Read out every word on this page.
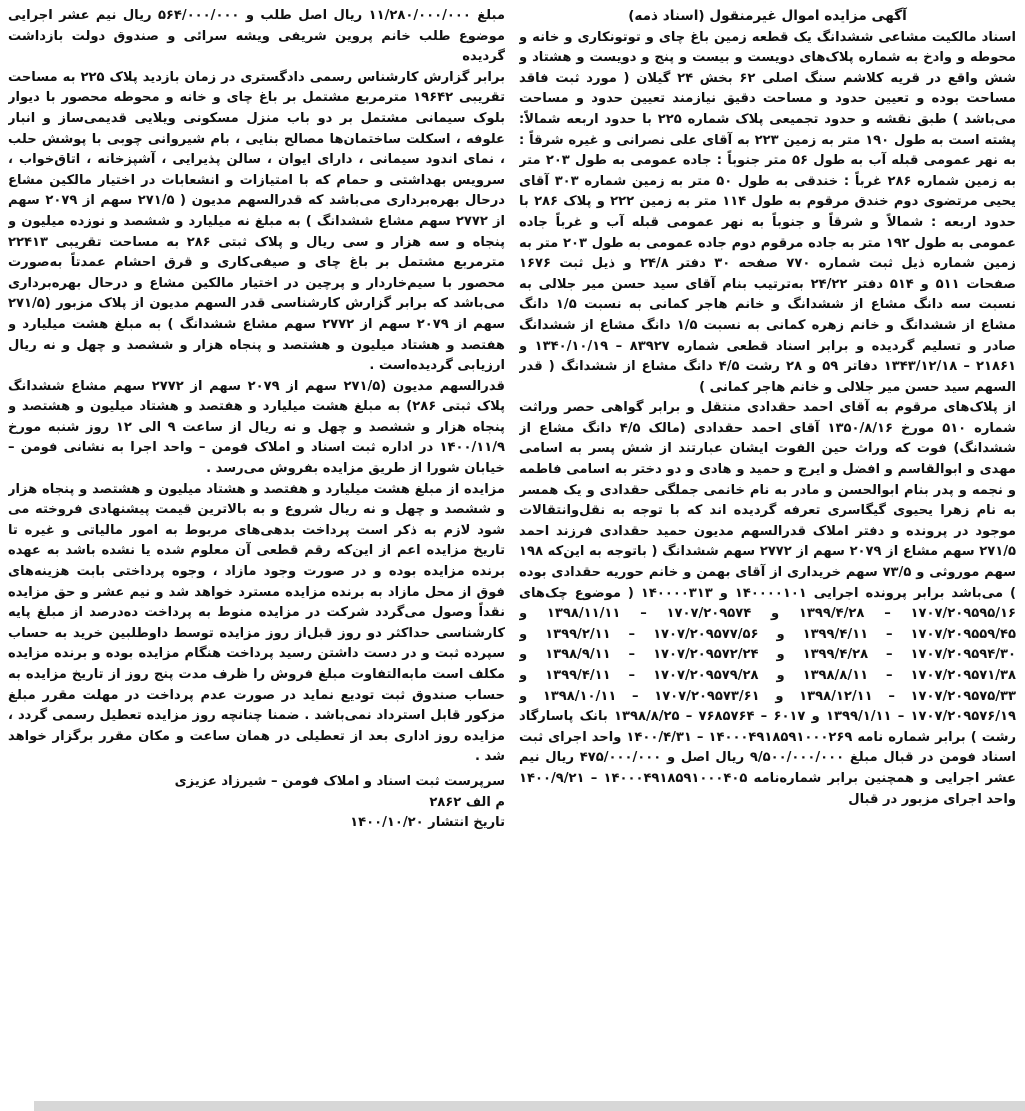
مبلغ ۱۱/۲۸۰/۰۰۰/۰۰۰ ریال اصل طلب و ۵۶۴/۰۰۰/۰۰۰ ریال نیم عشر اجرایی موضوع طلب خانم پروین شریفی ویشه سرائی و صندوق دولت بازداشت گردیده

برابر گزارش کارشناس رسمی دادگستری در زمان بازدید پلاک ۲۲۵ به مساحت تقریبی ۱۹۶۴۲ مترمربع مشتمل بر باغ چای و خانه و محوطه محصور با دیوار بلوک سیمانی مشتمل بر دو باب منزل مسکونی ویلایی قدیمی‌ساز و انبار علوفه ، اسکلت ساختمان‌ها مصالح بنایی ، بام شیروانی چوبی با پوشش حلب ، نمای اندود سیمانی ، دارای ایوان ، سالن پذیرایی ، آشپزخانه ، اتاق‌خواب ، سرویس بهداشتی و حمام که با امتیازات و انشعابات در اختیار مالکین مشاع درحال بهره‌برداری می‌باشد که قدرالسهم مدیون ( ۲۷۱/۵ سهم از ۲۰۷۹ سهم از ۲۷۷۲ سهم مشاع ششدانگ ) به مبلغ نه میلیارد و ششصد و نوزده میلیون و پنجاه و سه هزار و سی ریال و پلاک ثبتی ۲۸۶ به مساحت تقریبی ۲۲۴۱۳ مترمربع مشتمل بر باغ چای و صیفی‌کاری و قرق احشام عمدتاً به‌صورت محصور با سیم‌خاردار و پرچین در اختیار مالکین مشاع و درحال بهره‌برداری می‌باشد که برابر گزارش کارشناسی قدر السهم مدیون از پلاک مزبور (۲۷۱/۵ سهم از ۲۰۷۹ سهم از ۲۷۷۲ سهم مشاع ششدانگ ) به مبلغ هشت میلیارد و هفتصد و هشتاد میلیون و هشتصد و پنجاه هزار و ششصد و چهل و نه ریال ارزیابی گردیده‌است .

قدرالسهم مدیون (۲۷۱/۵ سهم از ۲۰۷۹ سهم از ۲۷۷۲ سهم مشاع ششدانگ پلاک ثبتی ۲۸۶) به مبلغ هشت میلیارد و هفتصد و هشتاد میلیون و هشتصد و پنجاه هزار و ششصد و چهل و نه ریال از ساعت ۹ الی ۱۲ روز شنبه مورخ ۱۴۰۰/۱۱/۹ در اداره ثبت اسناد و املاک فومن – واحد اجرا به نشانی فومن – خیابان شورا از طریق مزایده بفروش می‌رسد .

مزایده از مبلغ هشت میلیارد و هفتصد و هشتاد میلیون و هشتصد و پنجاه هزار و ششصد و چهل و نه ریال شروع و به بالاترین قیمت پیشنهادی فروخته می شود لازم به ذکر است پرداخت بدهی‌های مربوط به امور مالیاتی و غیره تا تاریخ مزایده اعم از این‌که رقم قطعی آن معلوم شده یا نشده باشد به عهده برنده مزایده بوده و در صورت وجود مازاد ، وجوه پرداختی بابت هزینه‌های فوق از محل مازاد به برنده مزایده مسترد خواهد شد و نیم عشر و حق مزایده نقداً وصول می‌گردد شرکت در مزایده منوط به پرداخت ده‌درصد از مبلغ پایه کارشناسی حداکثر دو روز قبل‌از روز مزایده توسط داوطلبین خرید به حساب سپرده ثبت و در دست داشتن رسید پرداخت هنگام مزایده بوده و برنده مزایده مکلف است مابه‌التفاوت مبلغ فروش را ظرف مدت پنج روز از تاریخ مزایده به حساب صندوق ثبت تودیع نماید در صورت عدم پرداخت در مهلت مقرر مبلغ مزکور قابل استرداد نمی‌باشد . ضمنا چنانچه روز مزایده تعطیل رسمی گردد ، مزایده روز اداری بعد از تعطیلی در همان ساعت و مکان مقرر برگزار خواهد شد .

سرپرست ثبت اسناد و املاک فومن – شیرزاد عزیزی
م الف ۲۸۶۲
تاریخ انتشار ۱۴۰۰/۱۰/۲۰

آگهی مزایده اموال غیرمنقول (اسناد ذمه)

اسناد مالکیت مشاعی ششدانگ یک قطعه زمین باغ چای و توتونکاری و خانه و محوطه و وادخ به شماره پلاک‌های دویست و بیست و پنج و دویست و هشتاد و شش واقع در قریه کلاشم سنگ اصلی ۶۲ بخش ۲۴ گیلان ( مورد ثبت فاقد مساحت بوده و تعیین حدود و مساحت دقیق نیازمند تعیین حدود و مساحت می‌باشد ) طبق نقشه و حدود تجمیعی پلاک شماره ۲۲۵ با حدود اربعه شمالاً: پشته است به طول ۱۹۰ متر به زمین ۲۲۳ به آقای علی نصرانی و غیره شرقاً : به نهر عمومی قبله آب به طول ۵۶ متر جنوباً : جاده عمومی به طول ۲۰۳ متر به زمین شماره ۲۸۶ غرباً : خندقی به طول ۵۰ متر به زمین شماره ۳۰۳ آقای یحیی مرتضوی دوم خندق مرقوم به طول ۱۱۴ متر به زمین ۲۲۲ و پلاک ۲۸۶ با حدود اربعه : شمالاً و شرقاً و جنوباً به نهر عمومی قبله آب و غرباً جاده عمومی به طول ۱۹۲ متر به جاده مرقوم دوم جاده عمومی به طول ۲۰۳ متر به زمین شماره ذیل ثبت شماره ۷۷۰ صفحه ۳۰ دفتر ۲۴/۸ و ذیل ثبت ۱۶۷۶ صفحات ۵۱۱ و ۵۱۴ دفتر ۲۴/۲۲ به‌ترتیب بنام آقای سید حسن میر جلالی به نسبت سه دانگ مشاع از ششدانگ و خانم هاجر کمانی به نسبت ۱/۵ دانگ مشاع از ششدانگ و خانم زهره کمانی به نسبت ۱/۵ دانگ مشاع از ششدانگ صادر و تسلیم گردیده و برابر اسناد قطعی شماره ۸۳۹۲۷ – ۱۳۴۰/۱۰/۱۹ و ۲۱۸۶۱ – ۱۳۴۳/۱۲/۱۸ دفاتر ۵۹ و ۲۸ رشت ۴/۵ دانگ مشاع از ششدانگ ( قدر السهم سید حسن میر جلالی و خانم هاجر کمانی )

از پلاک‌های مرقوم به آقای احمد حقدادی منتقل و برابر گواهی حصر وراثت شماره ۵۱۰ مورخ ۱۳۵۰/۸/۱۶ آقای احمد حقدادی (مالک ۴/۵ دانگ مشاع از ششدانگ) فوت که وراث حین الفوت ایشان عبارتند از شش پسر به اسامی مهدی و ابوالقاسم و افضل و ایرج و حمید و هادی و دو دختر به اسامی فاطمه و نجمه و پدر بنام ابوالحسن و مادر به نام خانمی جملگی حقدادی و یک همسر به نام زهرا یحیوی گیگاسری تعرفه گردیده اند که با توجه به نقل‌وانتقالات موجود در پرونده و دفتر املاک قدرالسهم مدیون حمید حقدادی فرزند احمد ۲۷۱/۵ سهم مشاع از ۲۰۷۹ سهم از ۲۷۷۲ سهم ششدانگ ( باتوجه به این‌که ۱۹۸ سهم موروثی و ۷۳/۵ سهم خریداری از آقای بهمن و خانم حوریه حقدادی بوده ) می‌باشد برابر پرونده اجرایی ۱۴۰۰۰۰۱۰۱ و ۱۴۰۰۰۰۳۱۳ ( موضوع چک‌های ۱۷۰۷/۲۰۹۵۹۵/۱۶ – ۱۳۹۹/۴/۲۸ و ۱۷۰۷/۲۰۹۵۷۴ – ۱۳۹۸/۱۱/۱۱ و ۱۷۰۷/۲۰۹۵۵۹/۴۵ – ۱۳۹۹/۴/۱۱ و ۱۷۰۷/۲۰۹۵۷۷/۵۶ – ۱۳۹۹/۲/۱۱ و ۱۷۰۷/۲۰۹۵۹۴/۳۰ – ۱۳۹۹/۴/۲۸ و ۱۷۰۷/۲۰۹۵۷۲/۲۴ – ۱۳۹۸/۹/۱۱ و ۱۷۰۷/۲۰۹۵۷۱/۳۸ – ۱۳۹۸/۸/۱۱ و ۱۷۰۷/۲۰۹۵۷۹/۲۸ – ۱۳۹۹/۴/۱۱ و ۱۷۰۷/۲۰۹۵۷۵/۳۳ – ۱۳۹۸/۱۲/۱۱ و ۱۷۰۷/۲۰۹۵۷۳/۶۱ – ۱۳۹۸/۱۰/۱۱ و ۱۷۰۷/۲۰۹۵۷۶/۱۹ – ۱۳۹۹/۱/۱۱ و ۶۰۱۷ – ۷۶۸۵۷۶۴ – ۱۳۹۸/۸/۲۵ بانک پاسارگاد رشت ) برابر شماره نامه ۱۴۰۰۰۴۹۱۸۵۹۱۰۰۰۲۶۹ – ۱۴۰۰/۴/۳۱ واحد اجرای ثبت اسناد فومن در قبال مبلغ ۹/۵۰۰/۰۰۰/۰۰۰ ریال اصل و ۴۷۵/۰۰۰/۰۰۰ ریال نیم عشر اجرایی و همچنین برابر شماره‌نامه ۱۴۰۰۰۴۹۱۸۵۹۱۰۰۰۴۰۵ – ۱۴۰۰/۹/۲۱ واحد اجرای مزبور در قبال
